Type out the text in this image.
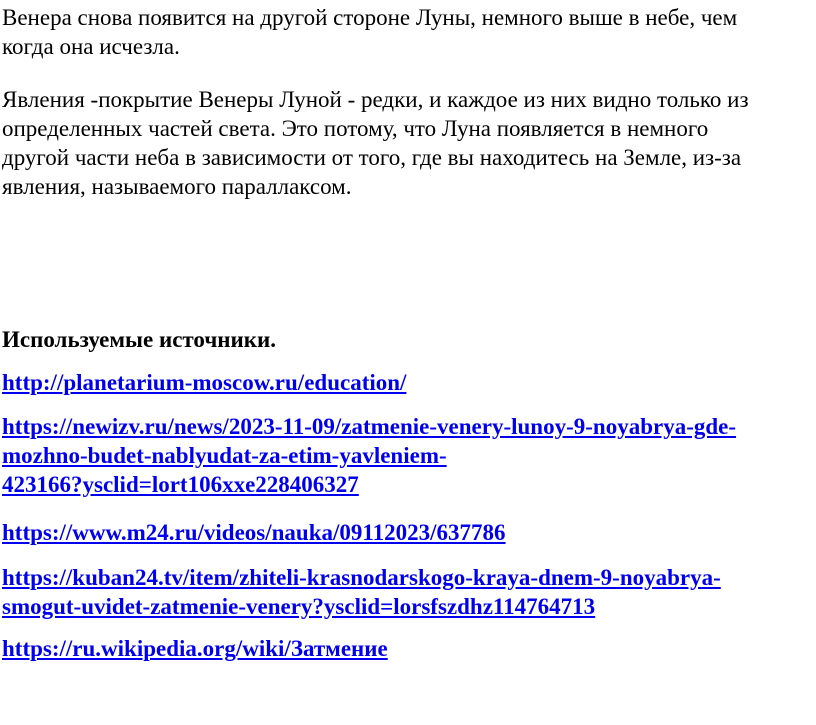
Венера снова появится на другой стороне Луны, немного выше в небе, чем
когда она исчезла.

Явления -покрытие Венеры Луной - редки, и каждое из них видно только из
определенных частей света. Это потому, что Луна появляется в немного
другой части неба в зависимости от того, где вы находитесь на Земле, из-за
явления, называемого параллаксом.

Используемые источники.

http://planetarium-moscow.ru/education/
https://newizv.ru/news/2023-11-09/zatmenie-venery-lunoy-9-noyabrya-gde-
mozhno-budet-nablyudat-za-etim-yavleniem-
423166?ysclid=lort106xxe228406327
https://www.m24.ru/videos/nauka/09112023/637786
https://kuban24.tv/item/zhiteli-krasnodarskogo-kraya-dnem-9-noyabrya-
smogut-uvidet-zatmenie-venery?ysclid=lorsfszdhz114764713
https://ru.wikipedia.org/wiki/Затмение
